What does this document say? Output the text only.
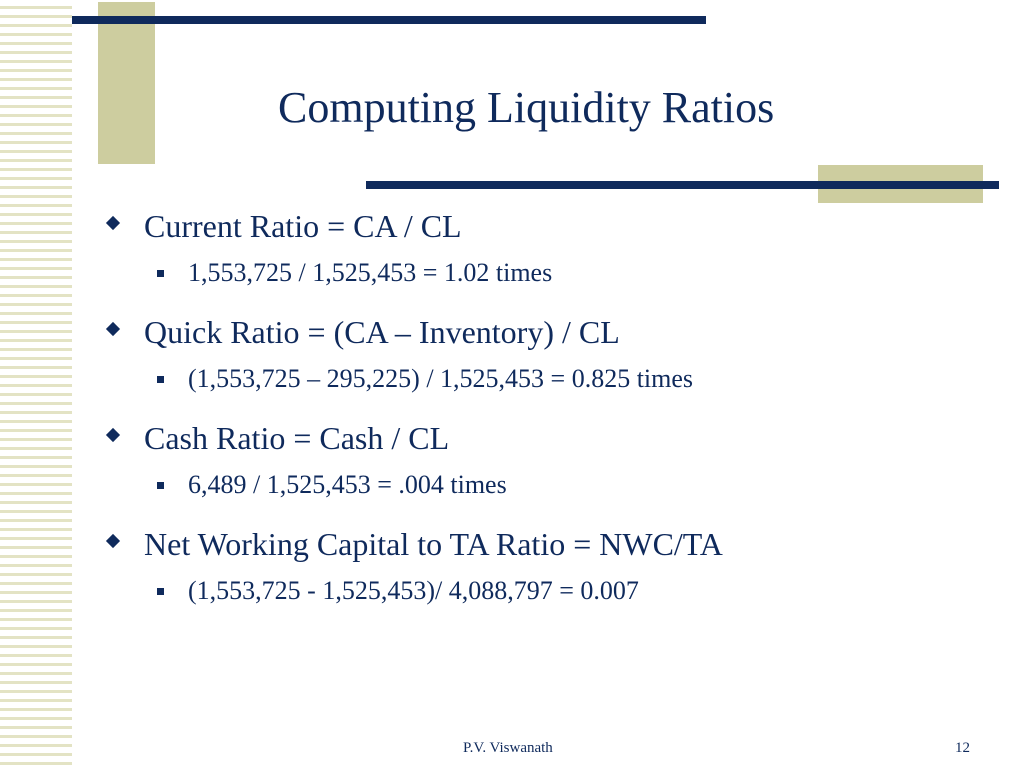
Computing Liquidity Ratios
Current Ratio = CA / CL
1,553,725 / 1,525,453 = 1.02 times
Quick Ratio = (CA – Inventory) / CL
(1,553,725 – 295,225) / 1,525,453 = 0.825 times
Cash Ratio = Cash / CL
6,489 / 1,525,453 = .004 times
Net Working Capital to TA Ratio = NWC/TA
(1,553,725 - 1,525,453)/ 4,088,797 = 0.007
P.V. Viswanath	12
